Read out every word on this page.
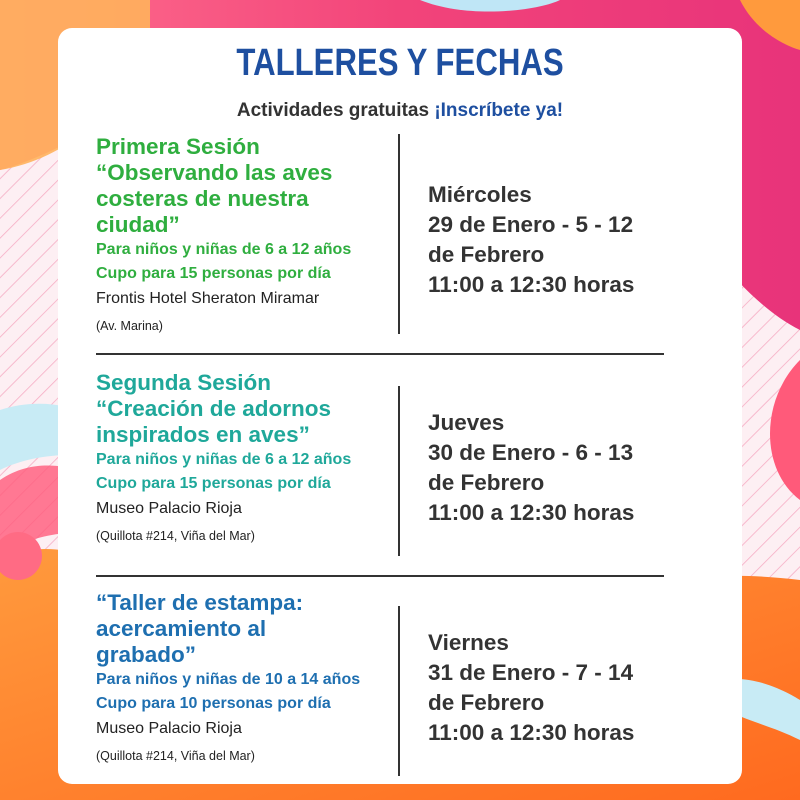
TALLERES Y FECHAS
Actividades gratuitas ¡Inscríbete ya!

Primera Sesión

“Observando las aves

costeras de nuestra

ciudad”

Para niños y niñas de 6 a 12 años

Cupo para 15 personas por día

Frontis Hotel Sheraton Miramar

(Av. Marina)

Miércoles

29 de Enero - 5 - 12

de Febrero

11:00 a 12:30 horas

Segunda Sesión

“Creación de adornos

inspirados en aves”

Para niños y niñas de 6 a 12 años

Cupo para 15 personas por día

Museo Palacio Rioja

(Quillota #214, Viña del Mar)

Jueves

30 de Enero - 6 - 13

de Febrero

11:00 a 12:30 horas

“Taller de estampa:

acercamiento al

grabado”

Para niños y niñas de 10 a 14 años

Cupo para 10 personas por día

Museo Palacio Rioja

(Quillota #214, Viña del Mar)

Viernes

31 de Enero - 7 - 14

de Febrero

11:00 a 12:30 horas
